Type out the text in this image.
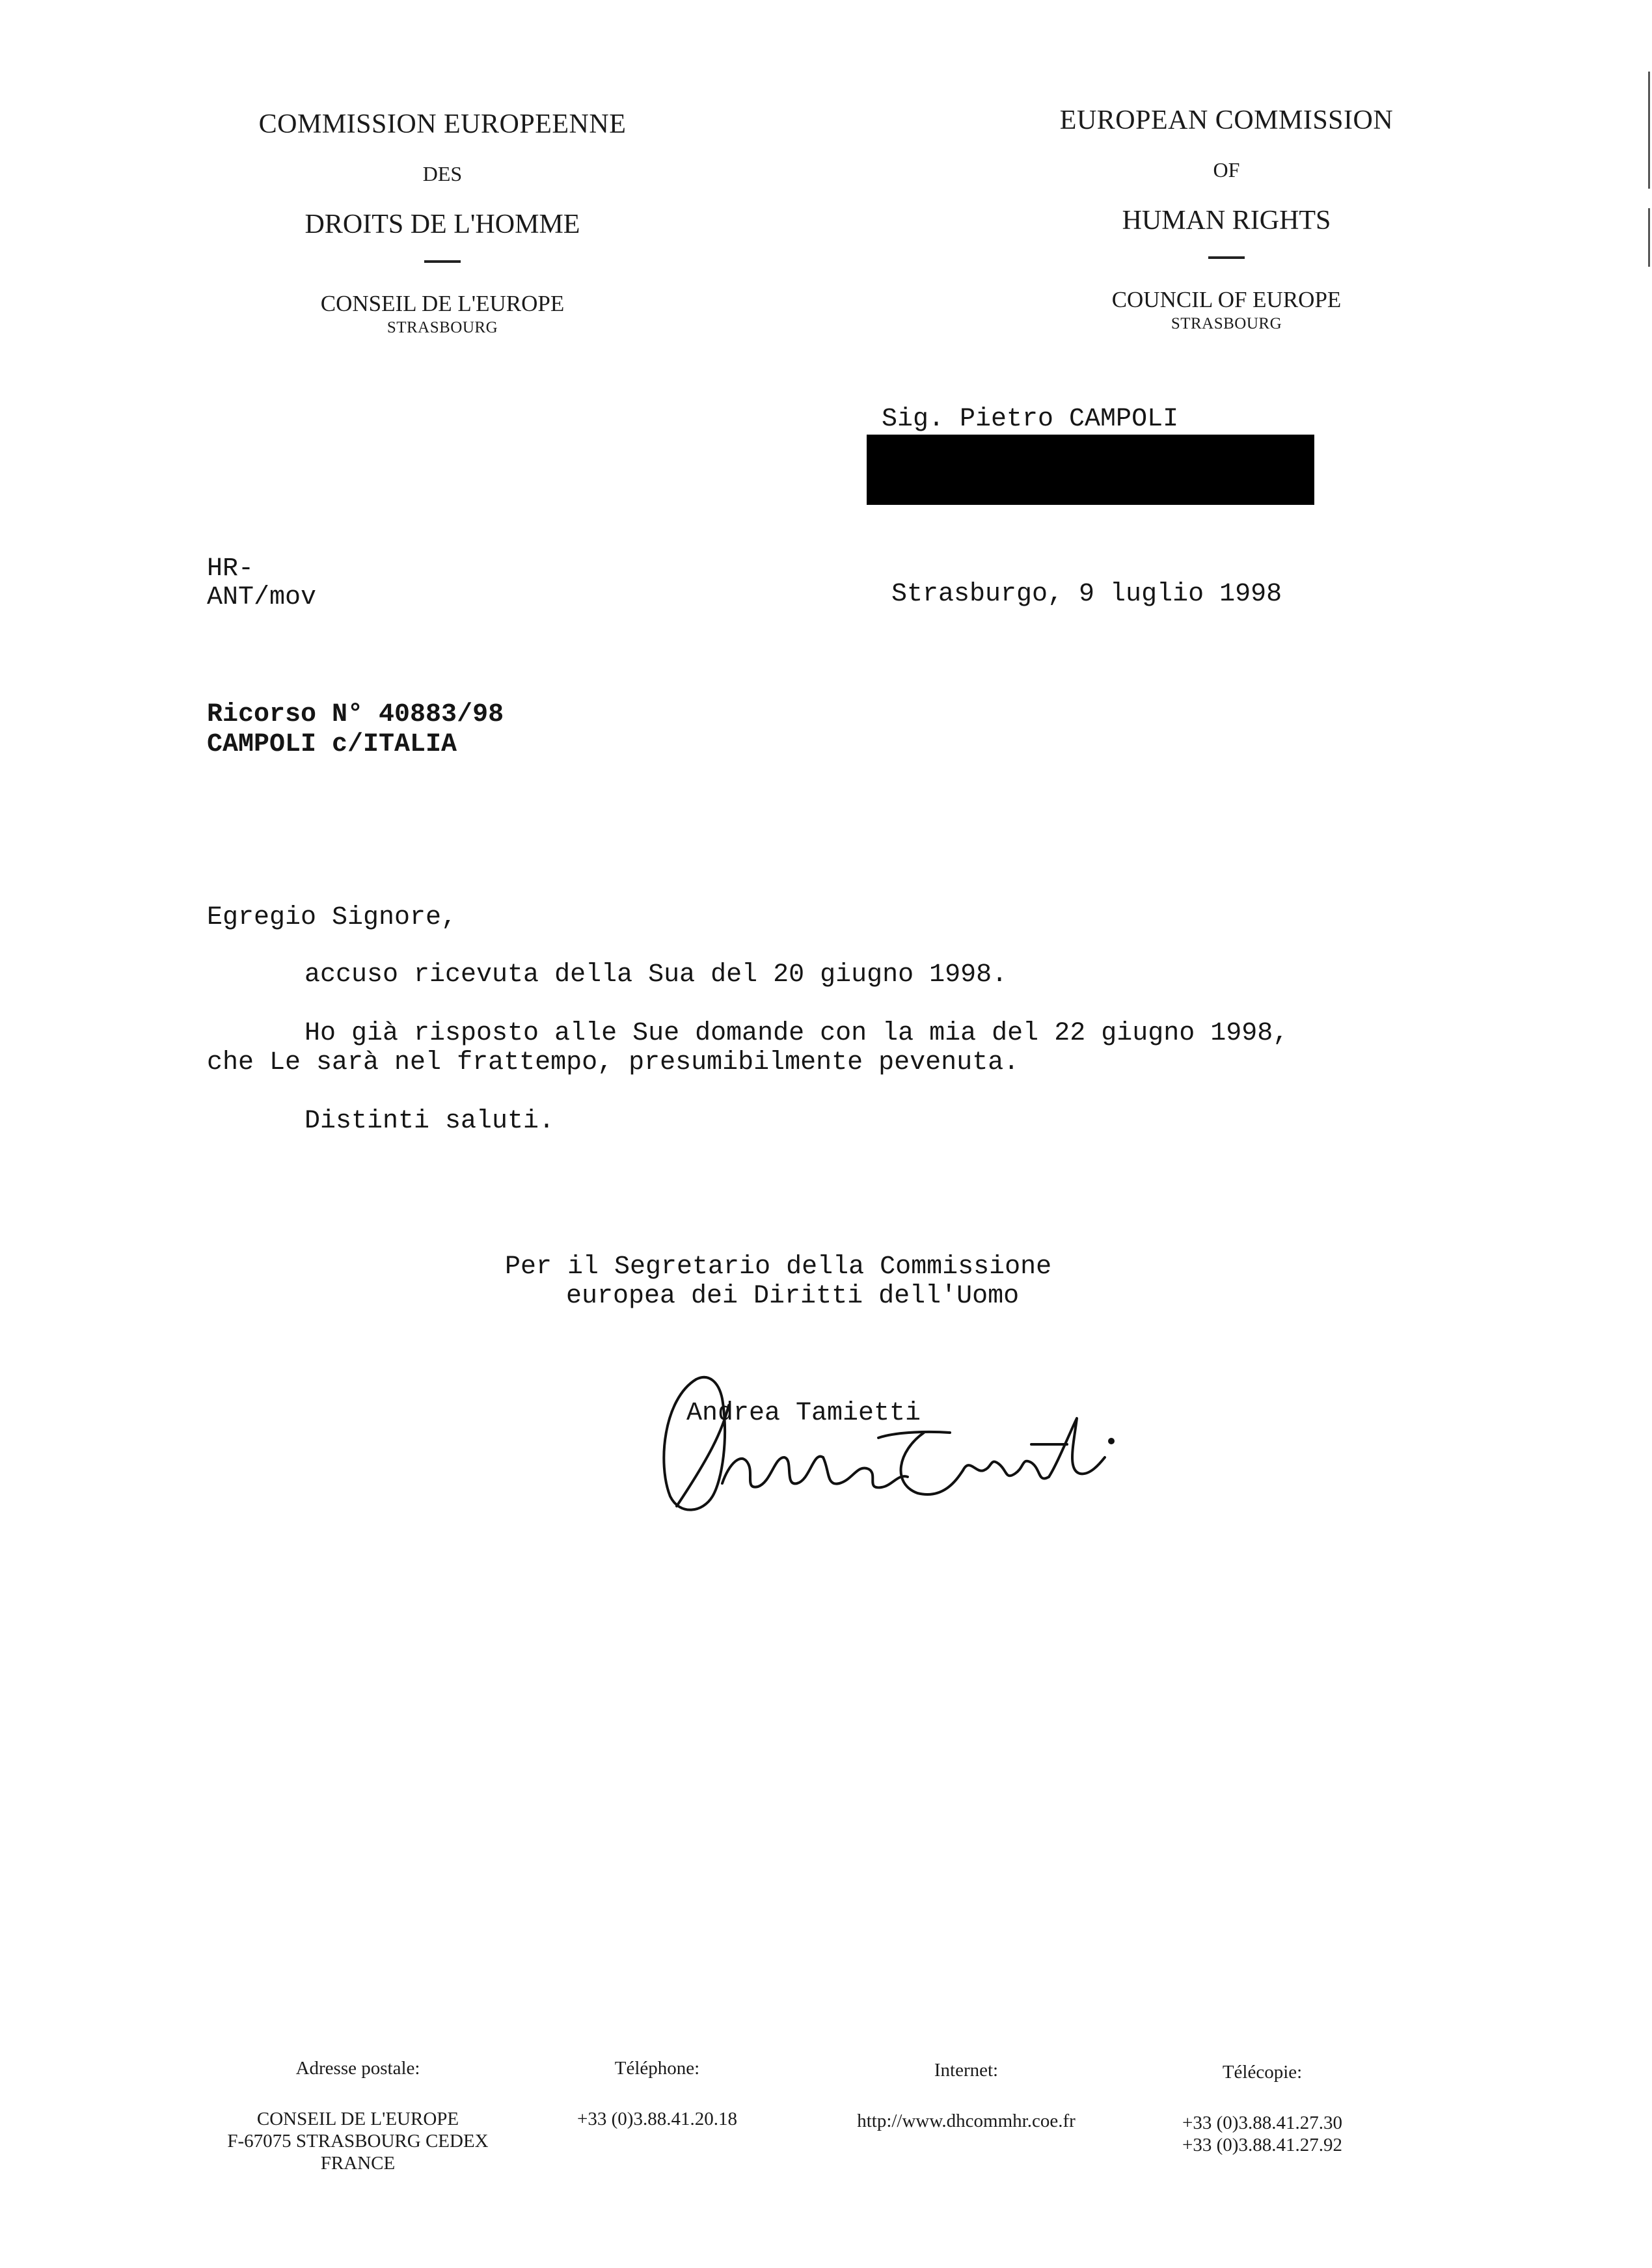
COMMISSION EUROPEENNE
DES
DROITS DE L'HOMME
CONSEIL DE L'EUROPE
STRASBOURG
EUROPEAN COMMISSION
OF
HUMAN RIGHTS
COUNCIL OF EUROPE
STRASBOURG
Sig. Pietro CAMPOLI
HR-
ANT/mov	Strasburgo, 9 luglio 1998
Ricorso N° 40883/98
CAMPOLI c/ITALIA
Egregio Signore,
accuso ricevuta della Sua del 20 giugno 1998.
Ho già risposto alle Sue domande con la mia del 22 giugno 1998,
che Le sarà nel frattempo, presumibilmente pevenuta.
Distinti saluti.
Per il Segretario della Commissione
europea dei Diritti dell'Uomo
Andrea Tamietti
Adresse postale:
CONSEIL DE L'EUROPE
F-67075 STRASBOURG CEDEX
FRANCE
Téléphone:
+33 (0)3.88.41.20.18
Internet:
http://www.dhcommhr.coe.fr
Télécopie:
+33 (0)3.88.41.27.30
+33 (0)3.88.41.27.92
